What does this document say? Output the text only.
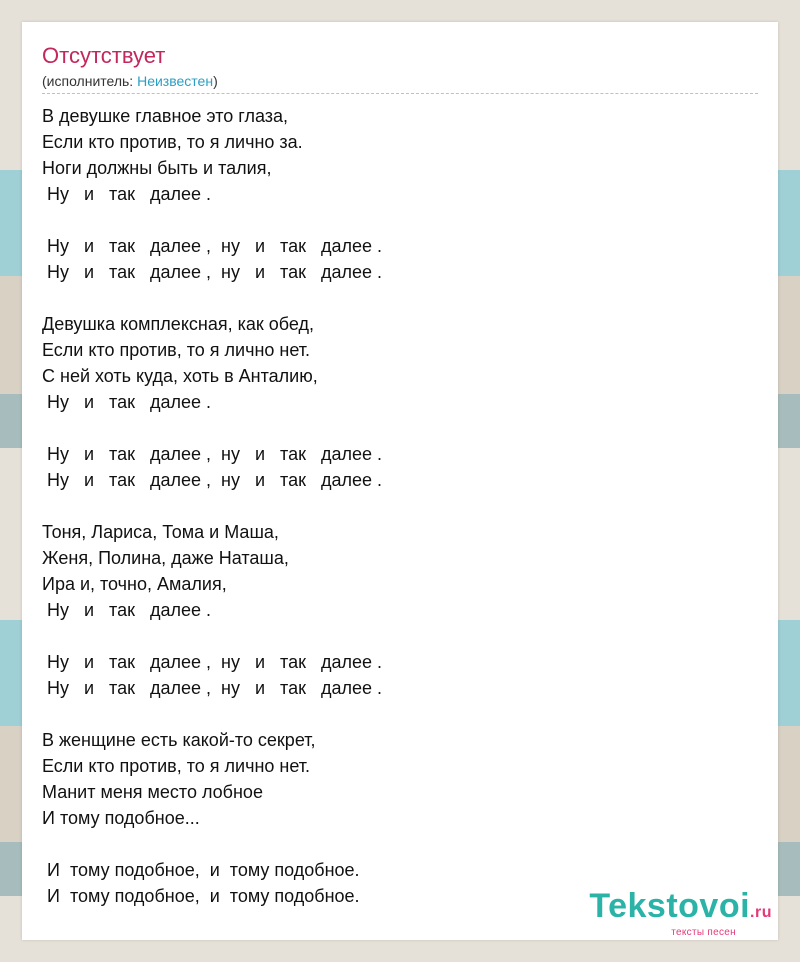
Отсутствует
(исполнитель: Неизвестен)
В девушке главное это глаза,
Если кто против, то я лично за.
Ноги должны быть и талия,
Ну   и   так   далее .
Ну   и   так   далее ,  ну   и   так   далее .
Ну   и   так   далее ,  ну   и   так   далее .
Девушка комплексная, как обед,
Если кто против, то я лично нет.
С ней хоть куда, хоть в Анталию,
Ну   и   так   далее .
Ну   и   так   далее ,  ну   и   так   далее .
Ну   и   так   далее ,  ну   и   так   далее .
Тоня, Лариса, Тома и Маша,
Женя, Полина, даже Наташа,
Ира и, точно, Амалия,
Ну   и   так   далее .
Ну   и   так   далее ,  ну   и   так   далее .
Ну   и   так   далее ,  ну   и   так   далее .
В женщине есть какой-то секрет,
Если кто против, то я лично нет.
Манит меня место лобное
И тому подобное...
И  тому подобное,  и  тому подобное.
И  тому подобное,  и  тому подобное.	Tekstovoi.ru
тексты песен
